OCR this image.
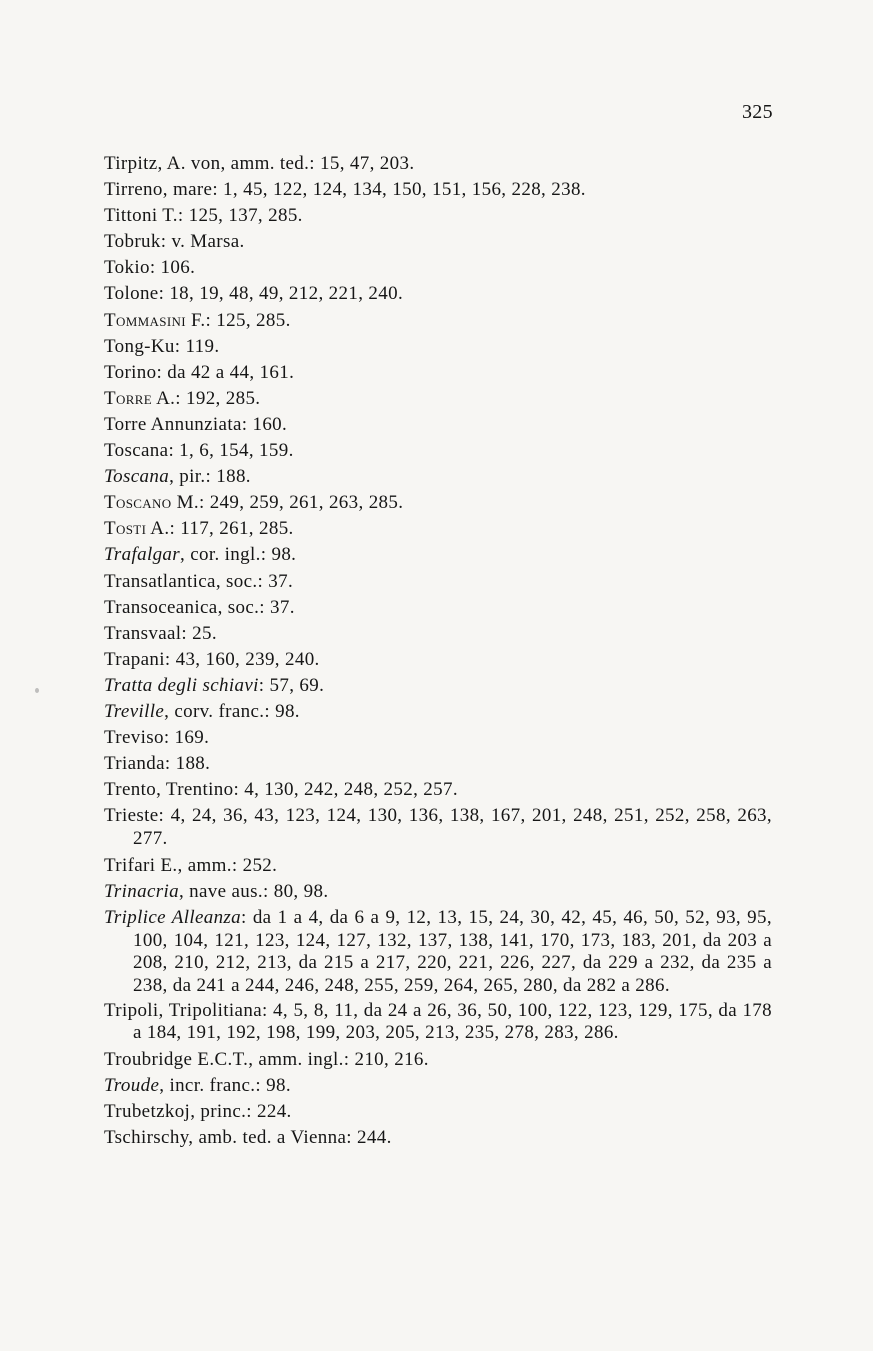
325
Tirpitz, A. von, amm. ted.: 15, 47, 203.
Tirreno, mare: 1, 45, 122, 124, 134, 150, 151, 156, 228, 238.
Tittoni T.: 125, 137, 285.
Tobruk: v. Marsa.
Tokio: 106.
Tolone: 18, 19, 48, 49, 212, 221, 240.
Tommasini F.: 125, 285.
Tong-Ku: 119.
Torino: da 42 a 44, 161.
Torre A.: 192, 285.
Torre Annunziata: 160.
Toscana: 1, 6, 154, 159.
Toscana, pir.: 188.
Toscano M.: 249, 259, 261, 263, 285.
Tosti A.: 117, 261, 285.
Trafalgar, cor. ingl.: 98.
Transatlantica, soc.: 37.
Transoceanica, soc.: 37.
Transvaal: 25.
Trapani: 43, 160, 239, 240.
Tratta degli schiavi: 57, 69.
Treville, corv. franc.: 98.
Treviso: 169.
Trianda: 188.
Trento, Trentino: 4, 130, 242, 248, 252, 257.
Trieste: 4, 24, 36, 43, 123, 124, 130, 136, 138, 167, 201, 248, 251, 252, 258, 263, 277.
Trifari E., amm.: 252.
Trinacria, nave aus.: 80, 98.
Triplice Alleanza: da 1 a 4, da 6 a 9, 12, 13, 15, 24, 30, 42, 45, 46, 50, 52, 93, 95, 100, 104, 121, 123, 124, 127, 132, 137, 138, 141, 170, 173, 183, 201, da 203 a 208, 210, 212, 213, da 215 a 217, 220, 221, 226, 227, da 229 a 232, da 235 a 238, da 241 a 244, 246, 248, 255, 259, 264, 265, 280, da 282 a 286.
Tripoli, Tripolitiana: 4, 5, 8, 11, da 24 a 26, 36, 50, 100, 122, 123, 129, 175, da 178 a 184, 191, 192, 198, 199, 203, 205, 213, 235, 278, 283, 286.
Troubridge E.C.T., amm. ingl.: 210, 216.
Troude, incr. franc.: 98.
Trubetzkoj, princ.: 224.
Tschirschy, amb. ted. a Vienna: 244.
